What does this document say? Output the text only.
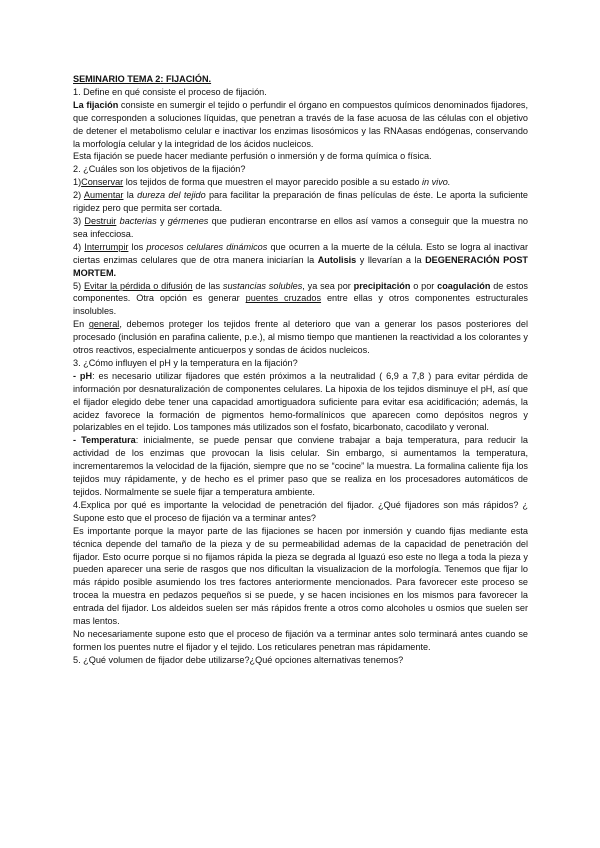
SEMINARIO TEMA 2: FIJACIÓN.

1. Define en qué consiste el proceso de fijación.

La fijación consiste en sumergir el tejido o perfundir el órgano en compuestos químicos denominados fijadores, que corresponden a soluciones líquidas, que penetran a través de la fase acuosa de las células con el objetivo de detener el metabolismo celular e inactivar los enzimas lisosómicos y las RNAasas endógenas, conservando la morfología celular y la integridad de los ácidos nucleicos.

Esta fijación se puede hacer mediante perfusión o inmersión y de forma química o física.

2. ¿Cuáles son los objetivos de la fijación?

1)Conservar los tejidos de forma que muestren el mayor parecido posible a su estado in vivo.

2) Aumentar la dureza del tejido para facilitar la preparación de finas películas de éste. Le aporta la suficiente rigidez pero que permita ser cortada.

3) Destruir bacterias y gérmenes que pudieran encontrarse en ellos así vamos a conseguir que la muestra no sea infecciosa.

4) Interrumpir los procesos celulares dinámicos que ocurren a la muerte de la célula. Esto se logra al inactivar ciertas enzimas celulares que de otra manera iniciarían la Autolisis y llevarían a la DEGENERACIÓN POST MORTEM.

5) Evitar la pérdida o difusión de las sustancias solubles, ya sea por precipitación o por coagulación de estos componentes. Otra opción es generar puentes cruzados entre ellas y otros componentes estructurales insolubles.

En general, debemos proteger los tejidos frente al deterioro que van a generar los pasos posteriores del procesado (inclusión en parafina caliente, p.e.), al mismo tiempo que mantienen la reactividad a los colorantes y otros reactivos, especialmente anticuerpos y sondas de ácidos nucleicos.

3. ¿Cómo influyen el pH y la temperatura en la fijación?

- pH: es necesario utilizar fijadores que estén próximos a la neutralidad ( 6,9 a 7,8 ) para evitar pérdida de información por desnaturalización de componentes celulares. La hipoxia de los tejidos disminuye el pH, así que el fijador elegido debe tener una capacidad amortiguadora suficiente para evitar esa acidificación; además, la acidez favorece la formación de pigmentos hemo-formalínicos que aparecen como depósitos negros y polarizables en el tejido. Los tampones más utilizados son el fosfato, bicarbonato, cacodilato y veronal.

- Temperatura: inicialmente, se puede pensar que conviene trabajar a baja temperatura, para reducir la actividad de los enzimas que provocan la lisis celular. Sin embargo, si aumentamos la temperatura, incrementaremos la velocidad de la fijación, siempre que no se “cocine” la muestra. La formalina caliente fija los tejidos muy rápidamente, y de hecho es el primer paso que se realiza en los procesadores automáticos de tejidos. Normalmente se suele fijar a temperatura ambiente.

4.Explica por qué es importante la velocidad de penetración del fijador. ¿Qué fijadores son más rápidos? ¿ Supone esto que el proceso de fijación va a terminar antes?

Es importante porque la mayor parte de las fijaciones se hacen por inmersión y cuando fijas mediante esta técnica depende del tamaño de la pieza y de su permeabilidad ademas de la capacidad de penetración del fijador. Esto ocurre porque si no fijamos rápida la pieza se degrada al Iguazú eso este no llega a toda la pieza y pueden aparecer una serie de rasgos que nos dificultan la visualizacion de la morfología. Tenemos que fijar lo más rápido posible asumiendo los tres factores anteriormente mencionados. Para favorecer este proceso se trocea la muestra en pedazos pequeños si se puede, y se hacen incisiones en los mismos para favorecer la entrada del fijador. Los aldeidos suelen ser más rápidos frente a otros como alcoholes u osmios que suelen ser mas lentos.

No necesariamente supone esto que el proceso de fijación va a terminar antes solo terminará antes cuando se formen los puentes nutre el fijador y el tejido. Los reticulares penetran mas rápidamente.

5. ¿Qué volumen de fijador debe utilizarse?¿Qué opciones alternativas tenemos?
